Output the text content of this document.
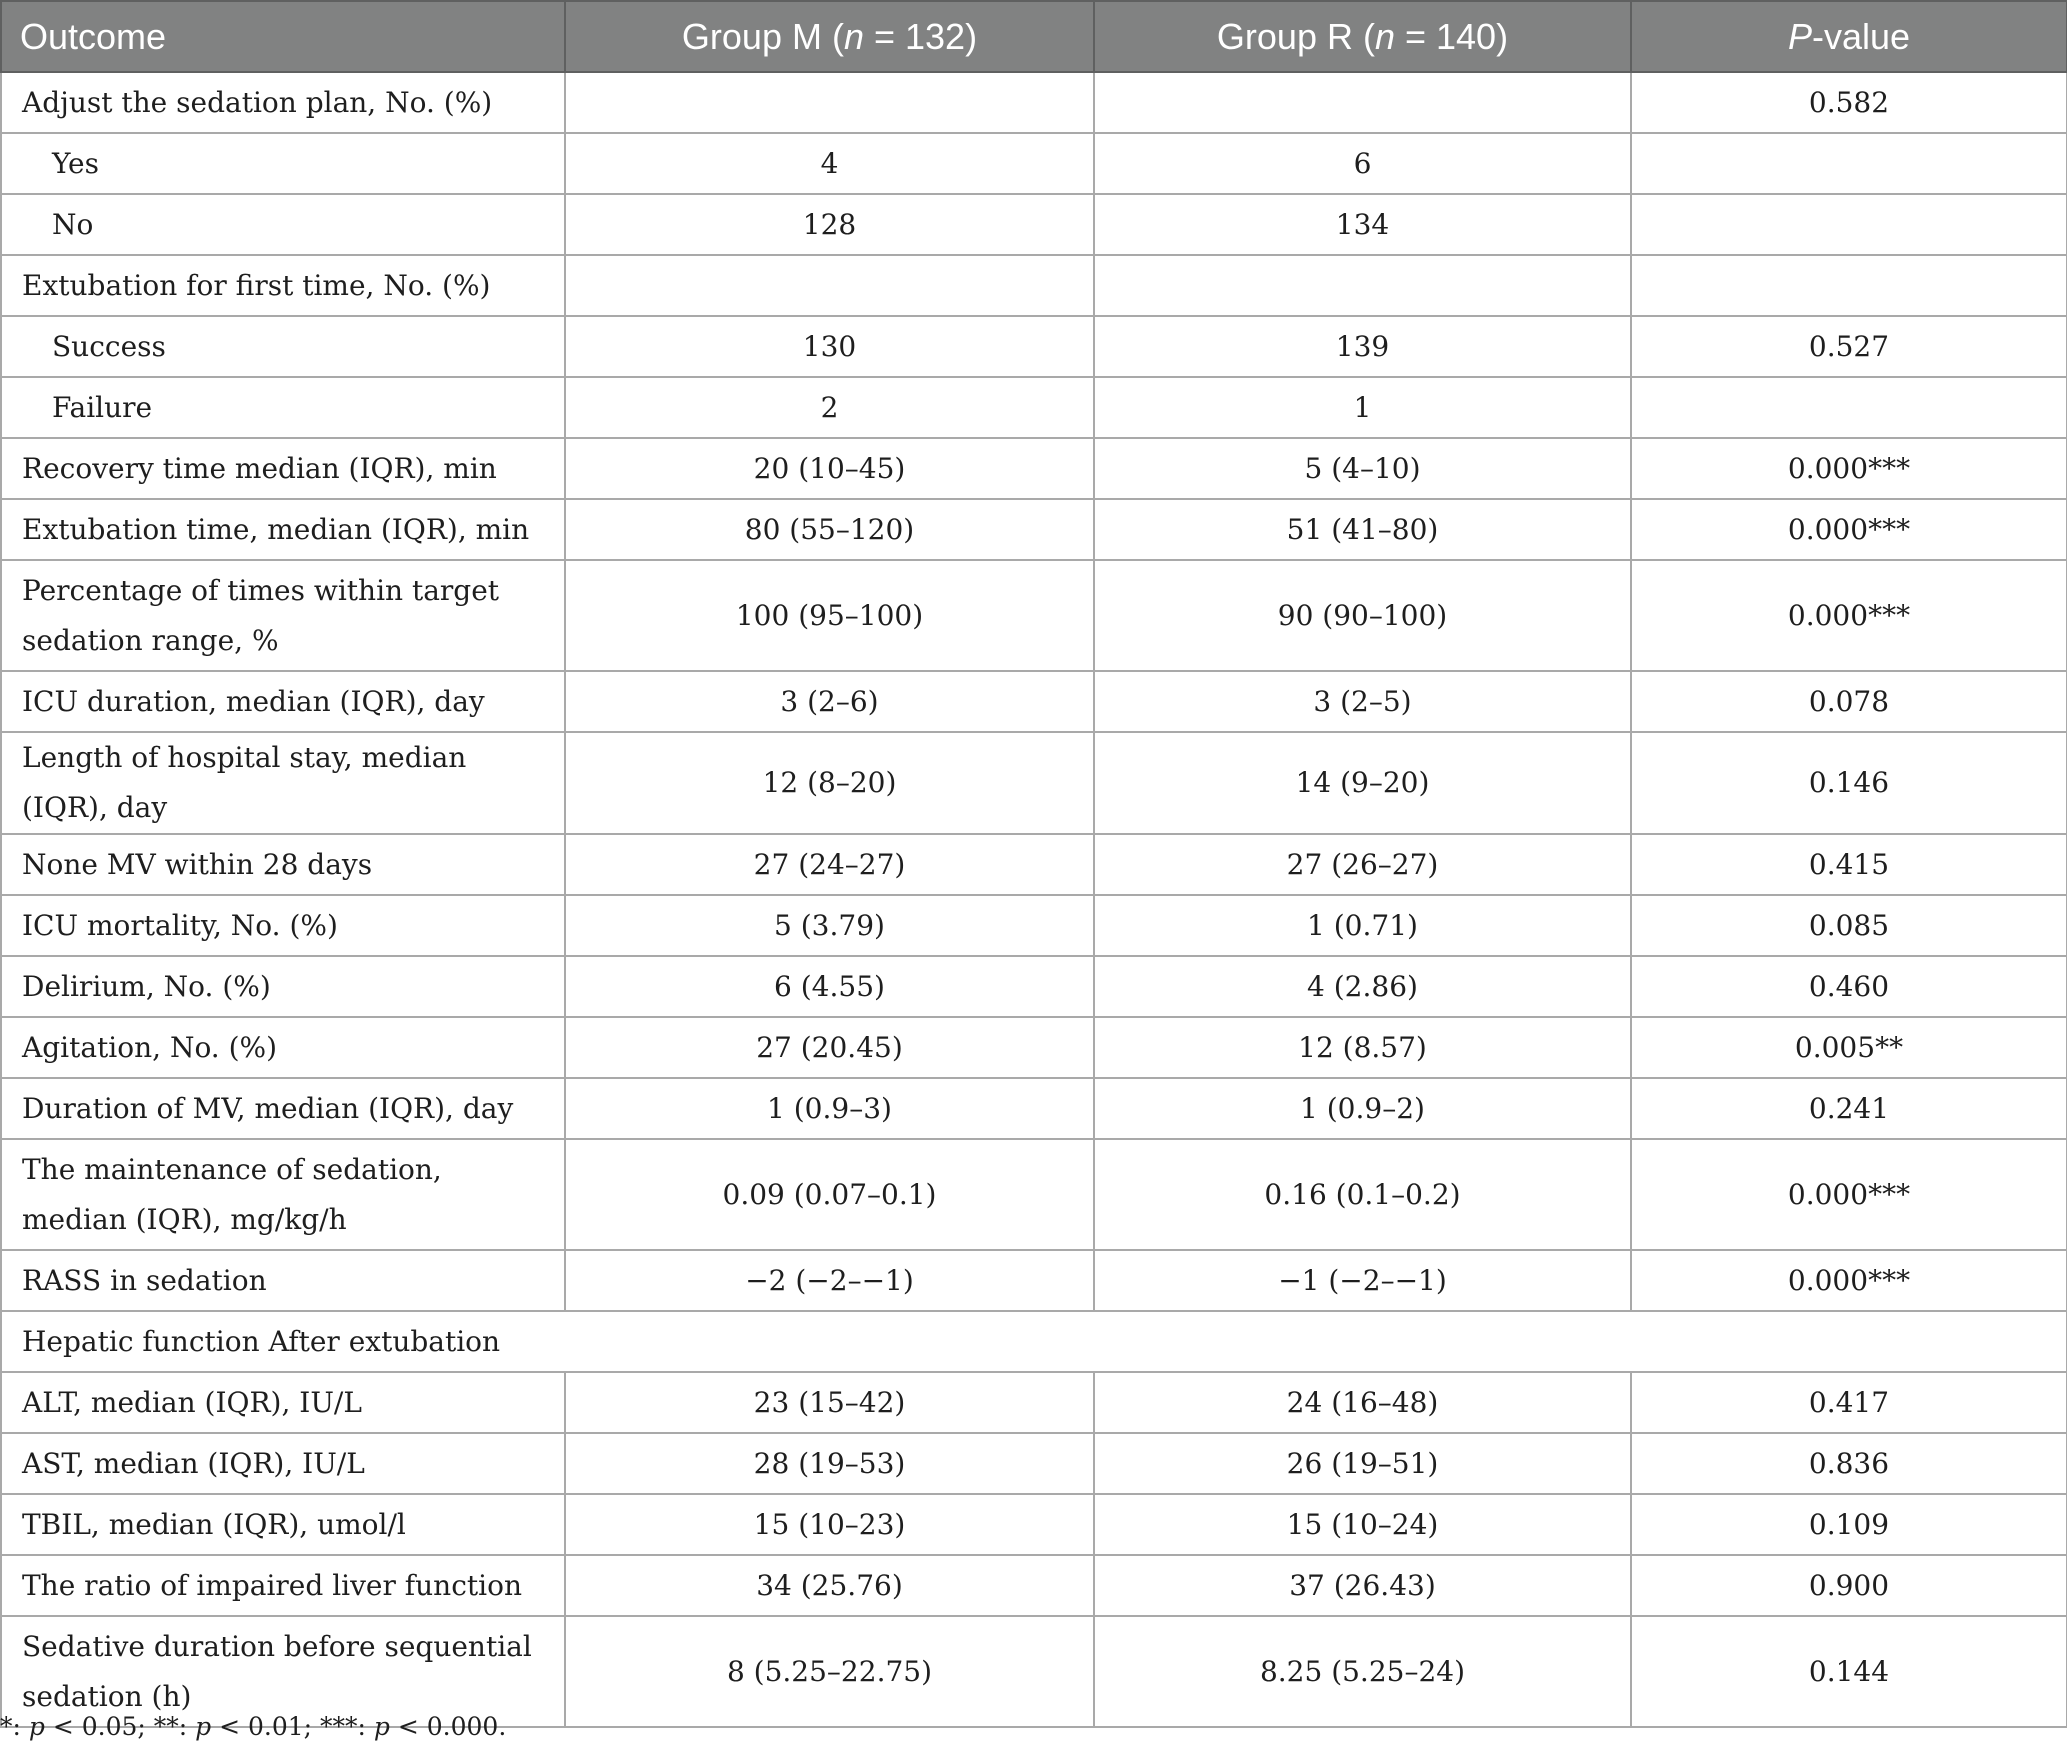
Outcome	Group M (n = 132)	Group R (n = 140)	P-value
Adjust the sedation plan, No. (%)			0.582
Yes	4	6	
No	128	134	
Extubation for first time, No. (%)			
Success	130	139	0.527
Failure	2	1	
Recovery time median (IQR), min	20 (10–45)	5 (4–10)	0.000***
Extubation time, median (IQR), min	80 (55–120)	51 (41–80)	0.000***
Percentage of times within target sedation range, %	100 (95–100)	90 (90–100)	0.000***
ICU duration, median (IQR), day	3 (2–6)	3 (2–5)	0.078
Length of hospital stay, median (IQR), day	12 (8–20)	14 (9–20)	0.146
None MV within 28 days	27 (24–27)	27 (26–27)	0.415
ICU mortality, No. (%)	5 (3.79)	1 (0.71)	0.085
Delirium, No. (%)	6 (4.55)	4 (2.86)	0.460
Agitation, No. (%)	27 (20.45)	12 (8.57)	0.005**
Duration of MV, median (IQR), day	1 (0.9–3)	1 (0.9–2)	0.241
The maintenance of sedation, median (IQR), mg/kg/h	0.09 (0.07–0.1)	0.16 (0.1–0.2)	0.000***
RASS in sedation	−2 (−2–−1)	−1 (−2–−1)	0.000***
Hepatic function After extubation			
ALT, median (IQR), IU/L	23 (15–42)	24 (16–48)	0.417
AST, median (IQR), IU/L	28 (19–53)	26 (19–51)	0.836
TBIL, median (IQR), umol/l	15 (10–23)	15 (10–24)	0.109
The ratio of impaired liver function	34 (25.76)	37 (26.43)	0.900
Sedative duration before sequential sedation (h)	8 (5.25–22.75)	8.25 (5.25–24)	0.144
*: p < 0.05; **: p < 0.01; ***: p < 0.000.
